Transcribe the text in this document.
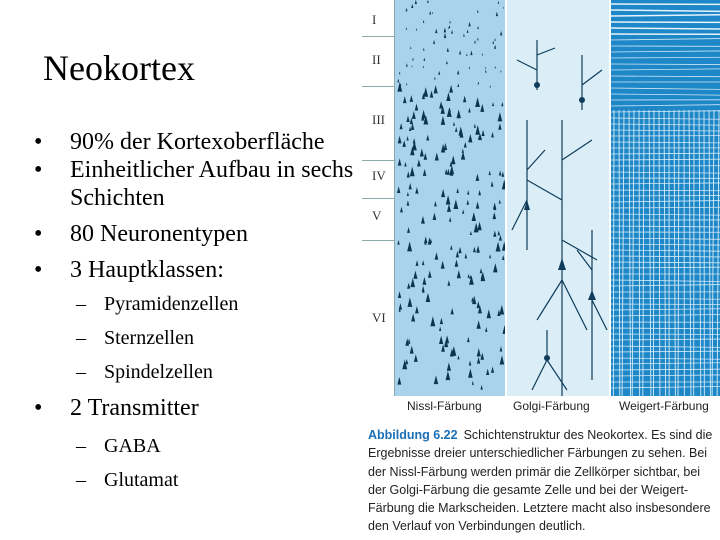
Neokortex
•	90% der Kortexoberfläche
•	Einheitlicher Aufbau in sechs Schichten
•	80 Neuronentypen
•	3 Hauptklassen:
– Pyramidenzellen
– Sternzellen
– Spindelzellen
•	2 Transmitter
– GABA
– Glutamat
I
II
III
IV
V
VI
Nissl-Färbung	Golgi-Färbung Weigert-Färbung
Abbildung 6.22 Schichtenstruktur des Neokortex. Es sind die Ergebnisse dreier unterschiedlicher Färbungen zu sehen. Bei der Nissl-Färbung werden primär die Zellkörper sichtbar, bei der Golgi-Färbung die gesamte Zelle und bei der Weigert-Färbung die Markscheiden. Letztere macht also insbesondere den Verlauf von Verbindungen deutlich.
